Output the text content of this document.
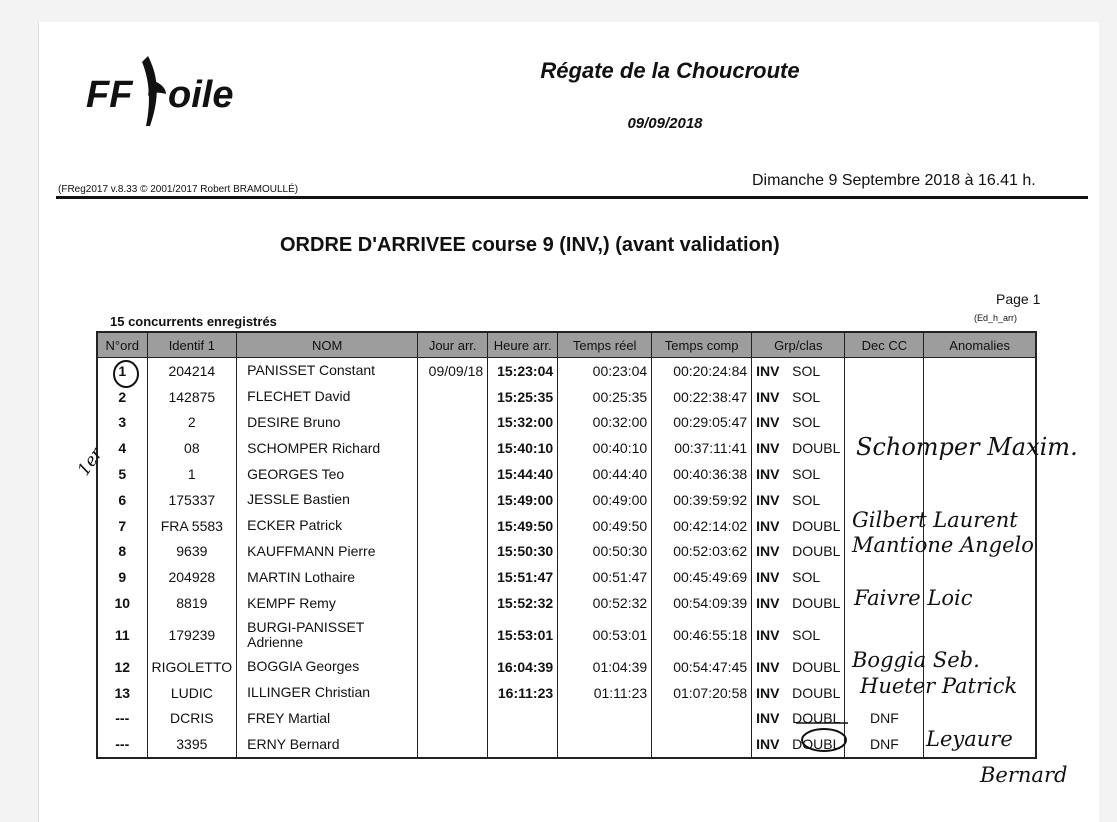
FF oile
Régate de la Choucroute
09/09/2018
(FReg2017 v.8.33 © 2001/2017 Robert BRAMOULLÉ)
Dimanche 9 Septembre 2018 à 16.41 h.
ORDRE D'ARRIVEE course 9 (INV,) (avant validation)
Page 1
(Ed_h_arr)
15 concurrents enregistrés
N°ord	Identif 1	NOM	Jour arr.	Heure arr.	Temps réel	Temps comp	Grp/clas	Dec CC	Anomalies
1	204214	PANISSET Constant	09/09/18	15:23:04	00:23:04	00:20:24:84	INV SOL		
2	142875	FLECHET David		15:25:35	00:25:35	00:22:38:47	INV SOL		
3	2	DESIRE Bruno		15:32:00	00:32:00	00:29:05:47	INV SOL		
4	08	SCHOMPER Richard		15:40:10	00:40:10	00:37:11:41	INV DOUBL		
5	1	GEORGES Teo		15:44:40	00:44:40	00:40:36:38	INV SOL		
6	175337	JESSLE Bastien		15:49:00	00:49:00	00:39:59:92	INV SOL		
7	FRA 5583	ECKER Patrick		15:49:50	00:49:50	00:42:14:02	INV DOUBL		
8	9639	KAUFFMANN Pierre		15:50:30	00:50:30	00:52:03:62	INV DOUBL		
9	204928	MARTIN Lothaire		15:51:47	00:51:47	00:45:49:69	INV SOL		
10	8819	KEMPF Remy		15:52:32	00:52:32	00:54:09:39	INV DOUBL		
11	179239	BURGI-PANISSET Adrienne		15:53:01	00:53:01	00:46:55:18	INV SOL		
12	RIGOLETTO	BOGGIA Georges		16:04:39	01:04:39	00:54:47:45	INV DOUBL		
13	LUDIC	ILLINGER Christian		16:11:23	01:11:23	01:07:20:58	INV DOUBL		
---	DCRIS	FREY Martial					INV DOUBL	DNF	
---	3395	ERNY Bernard					INV DOUBL	DNF	
Schomper Maxim.
Gilbert Laurent
Mantione Angelo
Faivre Loic
Boggia Seb.
Hueter Patrick
Leyaure
Bernard
1er
